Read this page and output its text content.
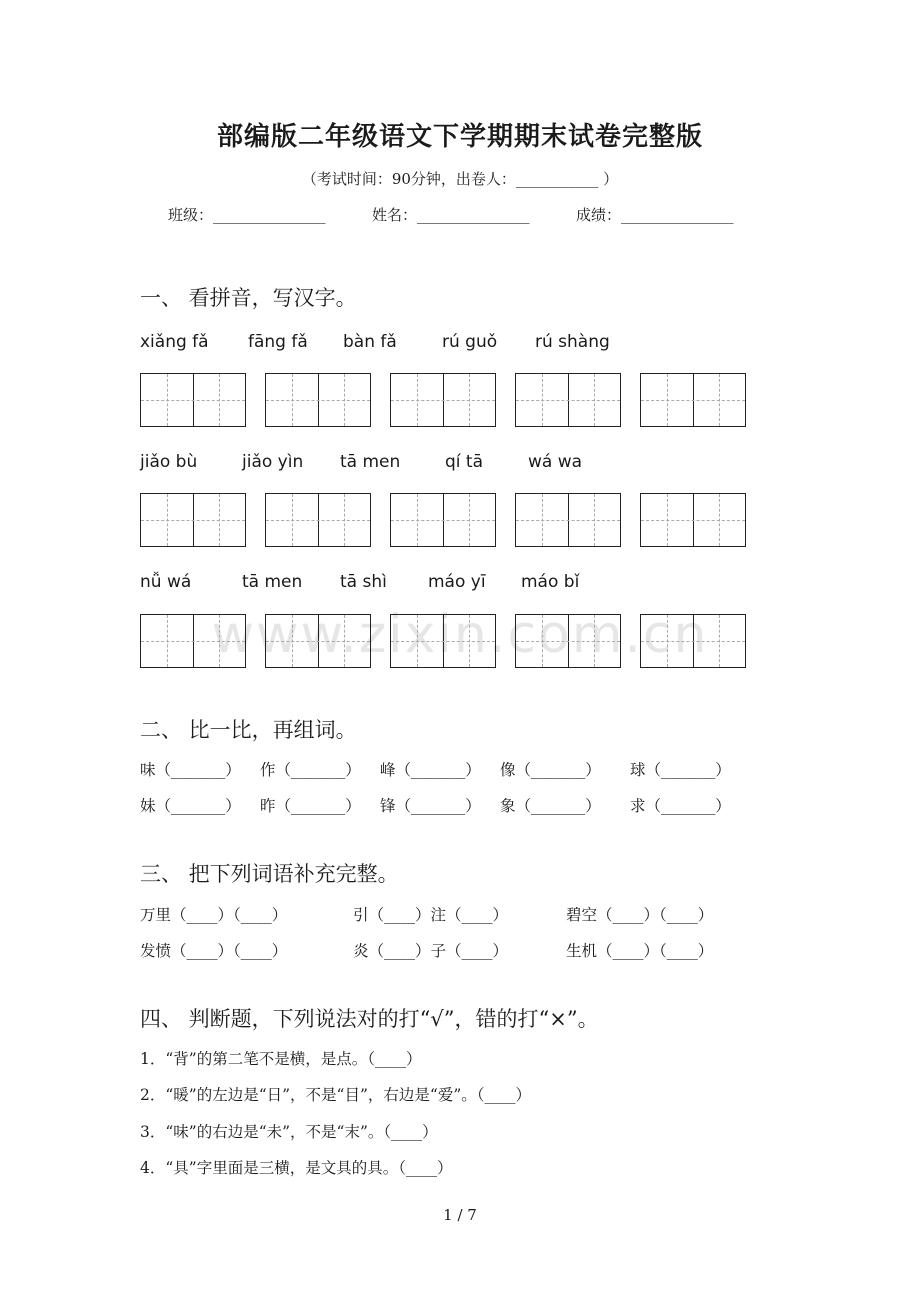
www.zixin.com.cn
部编版二年级语文下学期期末试卷完整版
（考试时间：90分钟，出卷人：___________ ）
班级：_______________	姓名：_______________	成绩：_______________
一、 看拼音，写汉字。
xiǎng fǎ fāng fǎ bàn fǎ	rú guǒ rú shàng
jiǎo bù	jiǎo yìn tā men	qí tā	wá wa
nǚ wá	tā men tā shì máo yī máo bǐ
二、 比一比，再组词。
味（_______） 作（_______） 峰（_______） 像（_______） 球（_______）
妹（_______） 昨（_______） 锋（_______） 象（_______） 求（_______）
三、 把下列词语补充完整。
万里（____）（____）	引（____）注（____）	碧空（____）（____）
发愤（____）（____）	炎（____）子（____）	生机（____）（____）
四、 判断题，下列说法对的打“√”，错的打“×”。
1．“背”的第二笔不是横，是点。（____）
2．“暖”的左边是“日”，不是“目”，右边是“爱”。（____）
3．“味”的右边是“未”，不是“末”。（____）
4．“具”字里面是三横，是文具的具。（____）
1 / 7
